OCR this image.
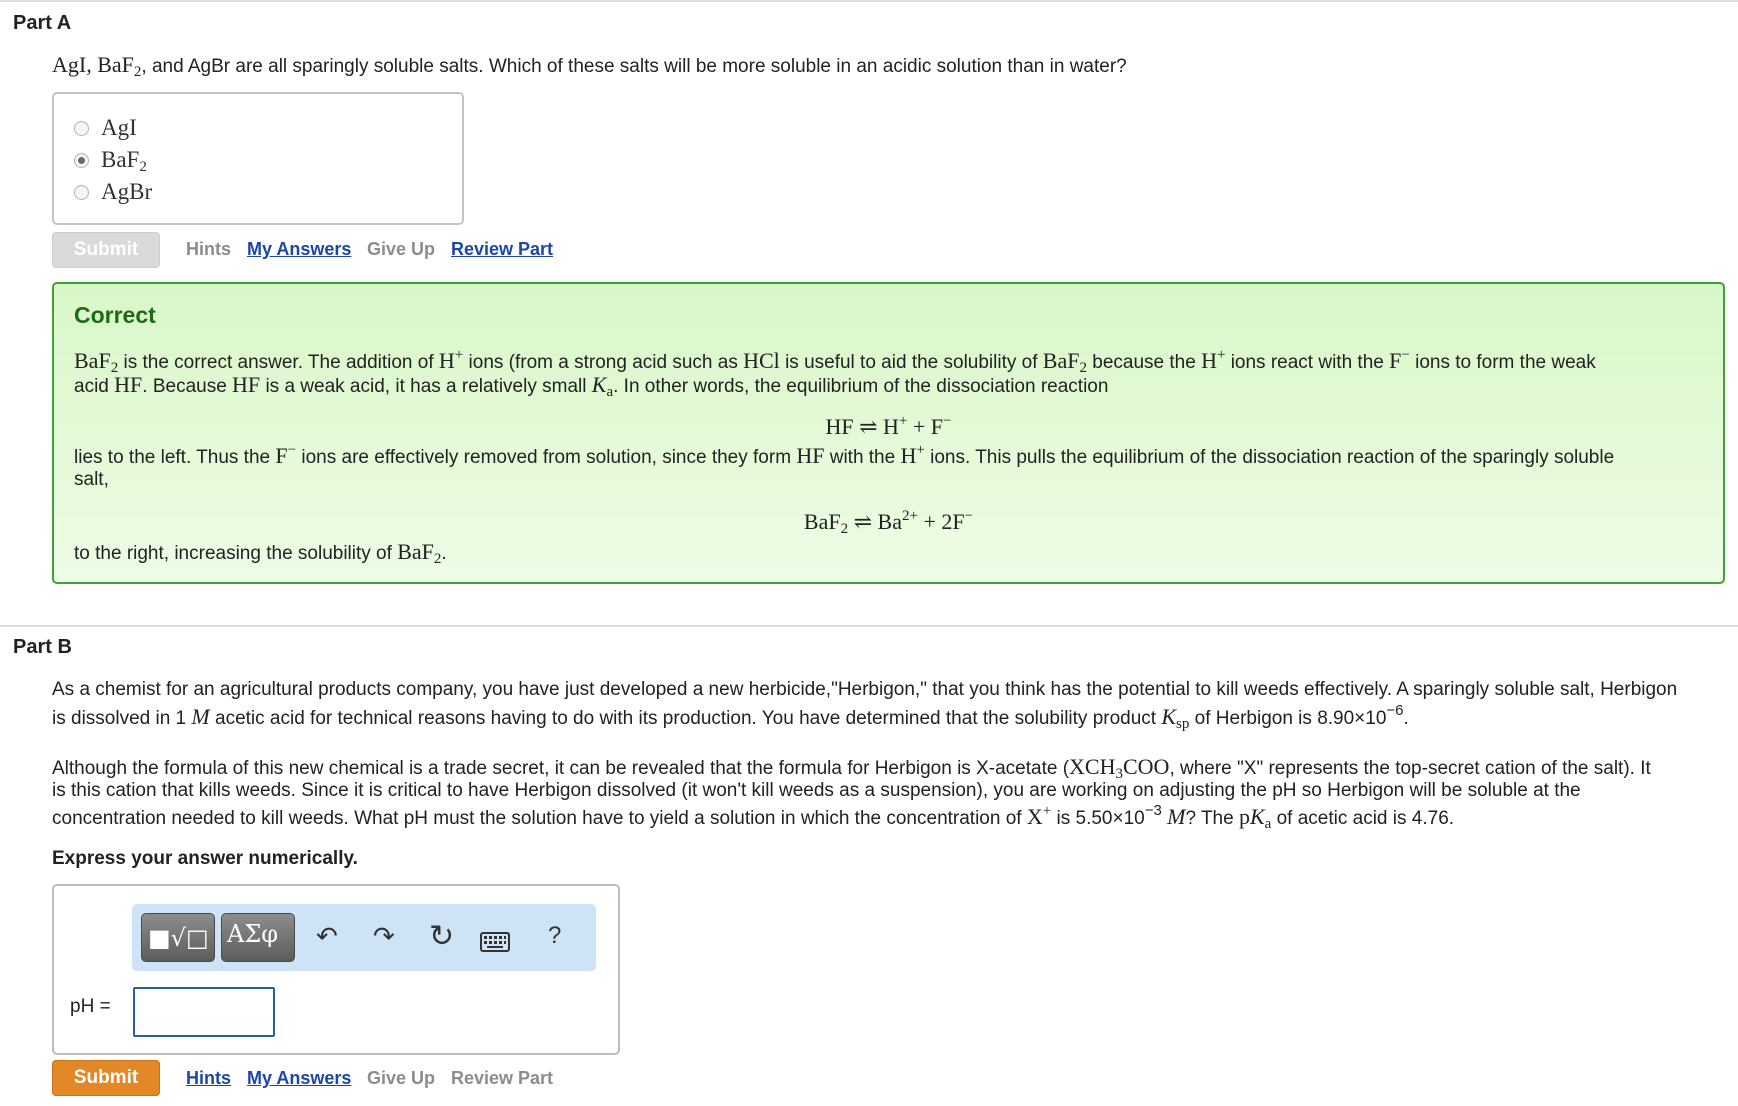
Part A
AgI, BaF$_2$, and AgBr are all sparingly soluble salts. Which of these salts will be more soluble in an acidic solution than in water?
AgI
BaF$_2$
AgBr
Submit	Hints My Answers Give Up Review Part
Correct
BaF$_2$ is the correct answer. The addition of H+ ions (from a strong acid such as HCl is useful to aid the solubility of BaF$_2$ because the H+ ions react with the F− ions to form the weak
acid HF. Because HF is a weak acid, it has a relatively small $K_a$. In other words, the equilibrium of the dissociation reaction
HF ⇌ H+ + F−
lies to the left. Thus the F− ions are effectively removed from solution, since they form HF with the H+ ions. This pulls the equilibrium of the dissociation reaction of the sparingly soluble
salt,
BaF$_2$ ⇌ $Ba^{2+} + 2F^-$
to the right, increasing the solubility of BaF$_2$.
Part B
As a chemist for an agricultural products company, you have just developed a new herbicide,"Herbigon," that you think has the potential to kill weeds effectively. A sparingly soluble salt, Herbigon
is dissolved in 1 M acetic acid for technical reasons having to do with its production. You have determined that the solubility product $K_{sp}$ of Herbigon is $8.90\times 10^{-6}$.
Although the formula of this new chemical is a trade secret, it can be revealed that the formula for Herbigon is X-acetate ($XCH_3COO$, where "X" represents the top-secret cation of the salt). It
is this cation that kills weeds. Since it is critical to have Herbigon dissolved (it won't kill weeds as a suspension), you are working on adjusting the pH so Herbigon will be soluble at the
concentration needed to kill weeds. What pH must the solution have to yield a solution in which the concentration of X+ is $5.50\times 10^{-3}$ M? The $pK_a$ of acetic acid is 4.76.
Express your answer numerically.
■√□ ΑΣφ ↶ ↷ ↻	?
pH =
Submit	Hints My Answers Give Up Review Part
